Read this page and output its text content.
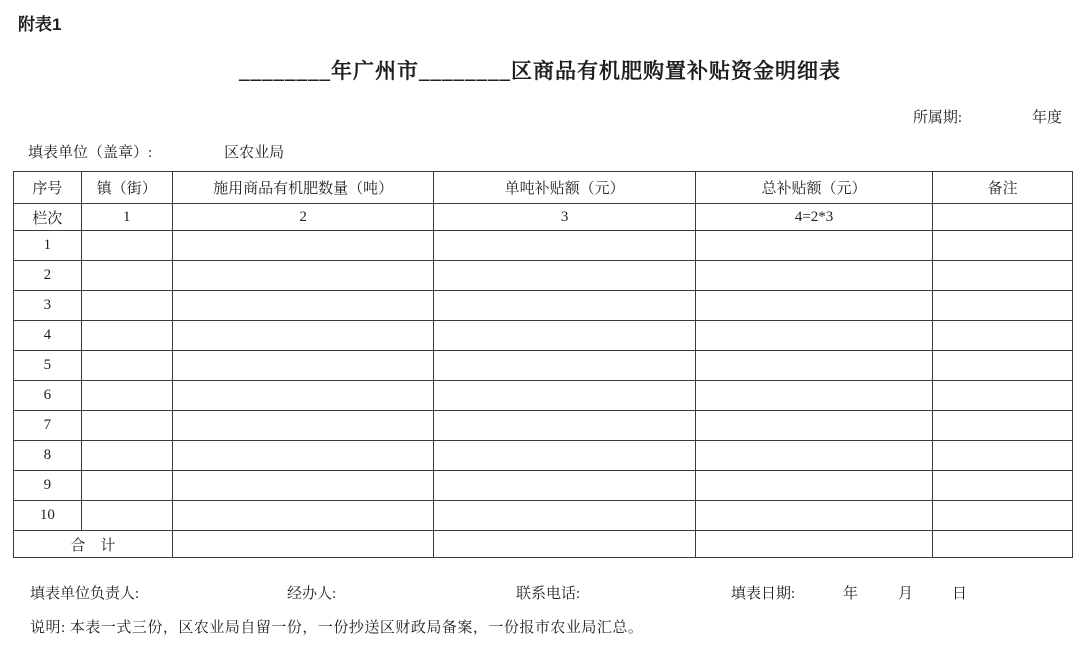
附表1
________年广州市________区商品有机肥购置补贴资金明细表
所属期:	年度
填表单位（盖章）:	区农业局
序号	镇（街）	施用商品有机肥数量（吨）	单吨补贴额（元）	总补贴额（元）	备注
栏次	1	2	3	4=2*3	
1					
2					
3					
4					
5					
6					
7					
8					
9					
10					
合　计					
填表单位负责人:	经办人:	联系电话:	填表日期:	年	月	日
说明: 本表一式三份，区农业局自留一份，一份抄送区财政局备案，一份报市农业局汇总。
